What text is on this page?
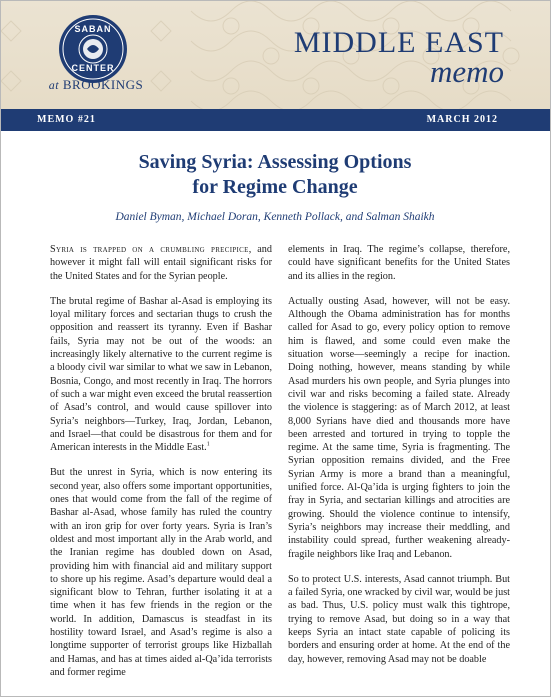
SABAN
CENTER
at BROOKINGS
MIDDLE EAST
memo
MEMO #21	MARCH 2012
Saving Syria: Assessing Options
for Regime Change

Daniel Byman, Michael Doran, Kenneth Pollack, and Salman Shaikh

Syria is trapped on a crumbling precipice, and however it might fall will entail significant risks for the United States and for the Syrian people.

The brutal regime of Bashar al-Asad is employing its loyal military forces and sectarian thugs to crush the opposition and reassert its tyranny. Even if Bashar fails, Syria may not be out of the woods: an increasingly likely alternative to the current regime is a bloody civil war similar to what we saw in Lebanon, Bosnia, Congo, and most recently in Iraq. The horrors of such a war might even exceed the brutal reassertion of Asad’s control, and would cause spillover into Syria’s neighbors—Turkey, Iraq, Jordan, Lebanon, and Israel—that could be disastrous for them and for American interests in the Middle East.$^1$

But the unrest in Syria, which is now entering its second year, also offers some important opportunities, ones that would come from the fall of the regime of Bashar al-Asad, whose family has ruled the country with an iron grip for over forty years. Syria is Iran’s oldest and most important ally in the Arab world, and the Iranian regime has doubled down on Asad, providing him with financial aid and military support to shore up his regime. Asad’s departure would deal a significant blow to Tehran, further isolating it at a time when it has few friends in the region or the world. In addition, Damascus is steadfast in its hostility toward Israel, and Asad’s regime is also a longtime supporter of terrorist groups like Hizballah and Hamas, and has at times aided al-Qa’ida terrorists and former regime

elements in Iraq. The regime’s collapse, therefore, could have significant benefits for the United States and its allies in the region.

Actually ousting Asad, however, will not be easy. Although the Obama administration has for months called for Asad to go, every policy option to remove him is flawed, and some could even make the situation worse—seemingly a recipe for inaction. Doing nothing, however, means standing by while Asad murders his own people, and Syria plunges into civil war and risks becoming a failed state. Already the violence is staggering: as of March 2012, at least 8,000 Syrians have died and thousands more have been arrested and tortured in trying to topple the regime. At the same time, Syria is fragmenting. The Syrian opposition remains divided, and the Free Syrian Army is more a brand than a meaningful, unified force. Al-Qa’ida is urging fighters to join the fray in Syria, and sectarian killings and atrocities are growing. Should the violence continue to intensify, Syria’s neighbors may increase their meddling, and instability could spread, further weakening already-fragile neighbors like Iraq and Lebanon.

So to protect U.S. interests, Asad cannot triumph. But a failed Syria, one wracked by civil war, would be just as bad. Thus, U.S. policy must walk this tightrope, trying to remove Asad, but doing so in a way that keeps Syria an intact state capable of policing its borders and ensuring order at home. At the end of the day, however, removing Asad may not be doable
